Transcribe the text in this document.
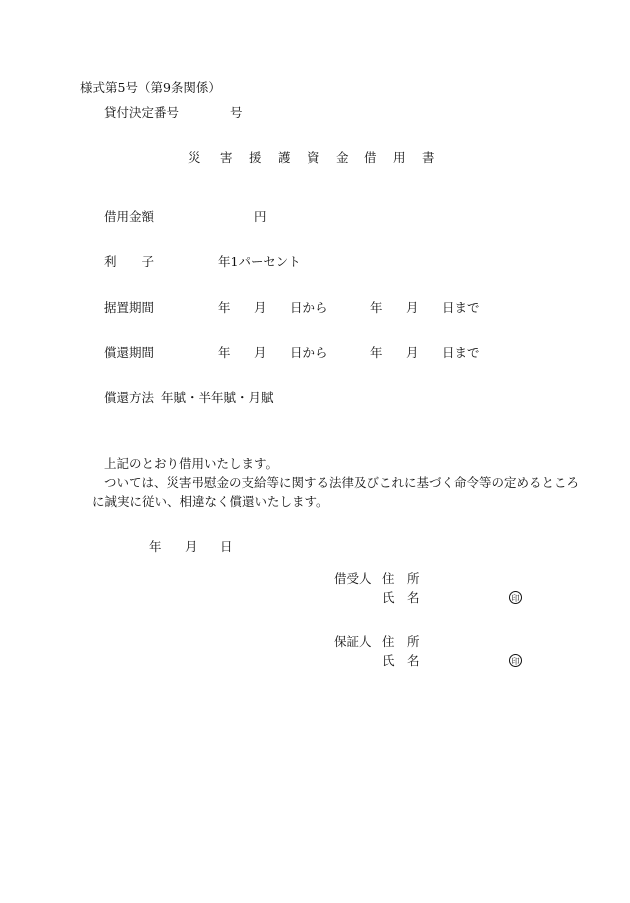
様式第5号（第9条関係）
貸付決定番号	号
災 害 援 護 資 金 借 用 書
借用金額	円
利　　子	年1パーセント
据置期間	年 月 日から	年 月 日まで
償還期間	年 月 日から	年 月 日まで
償還方法 年賦・半年賦・月賦
上記のとおり借用いたします。
ついては、災害弔慰金の支給等に関する法律及びこれに基づく命令等の定めるところ
に誠実に従い、相違なく償還いたします。
年 月 日
借受人 住　所
氏　名	印
保証人 住　所
氏　名	印
